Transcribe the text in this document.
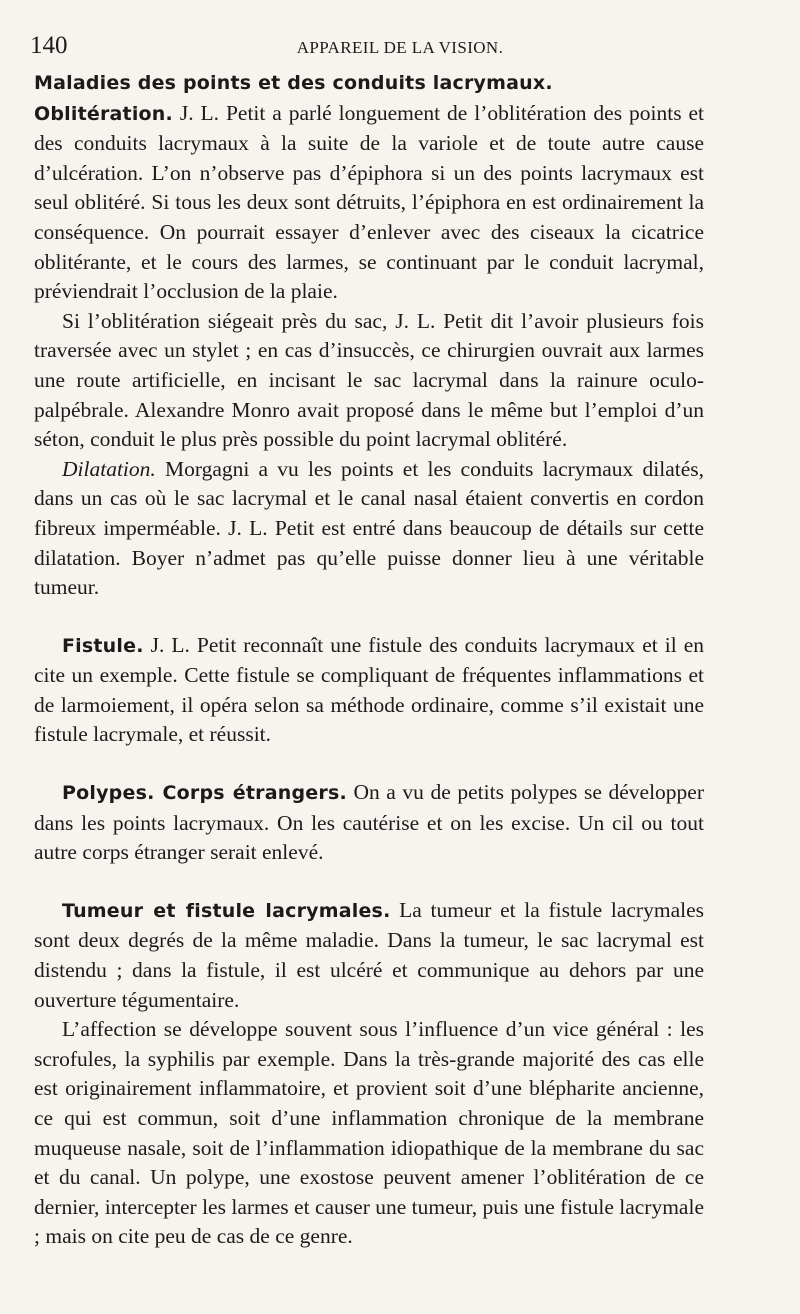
140	APPAREIL DE LA VISION.

Maladies des points et des conduits lacrymaux.
Oblitération. J. L. Petit a parlé longuement de l’oblitération des points et des conduits lacrymaux à la suite de la variole et de toute autre cause d’ulcération. L’on n’observe pas d’épiphora si un des points lacrymaux est seul oblitéré. Si tous les deux sont détruits, l’épiphora en est ordinairement la conséquence. On pourrait essayer d’enlever avec des ciseaux la cicatrice oblitérante, et le cours des larmes, se continuant par le conduit lacrymal, préviendrait l’occlusion de la plaie.

Si l’oblitération siégeait près du sac, J. L. Petit dit l’avoir plusieurs fois traversée avec un stylet ; en cas d’insuccès, ce chirurgien ouvrait aux larmes une route artificielle, en incisant le sac lacrymal dans la rainure oculo-palpébrale. Alexandre Monro avait proposé dans le même but l’emploi d’un séton, conduit le plus près possible du point lacrymal oblitéré.

Dilatation. Morgagni a vu les points et les conduits lacrymaux dilatés, dans un cas où le sac lacrymal et le canal nasal étaient convertis en cordon fibreux imperméable. J. L. Petit est entré dans beaucoup de détails sur cette dilatation. Boyer n’admet pas qu’elle puisse donner lieu à une véritable tumeur.

Fistule. J. L. Petit reconnaît une fistule des conduits lacrymaux et il en cite un exemple. Cette fistule se compliquant de fréquentes inflammations et de larmoiement, il opéra selon sa méthode ordinaire, comme s’il existait une fistule lacrymale, et réussit.

Polypes. Corps étrangers. On a vu de petits polypes se développer dans les points lacrymaux. On les cautérise et on les excise. Un cil ou tout autre corps étranger serait enlevé.

Tumeur et fistule lacrymales. La tumeur et la fistule lacrymales sont deux degrés de la même maladie. Dans la tumeur, le sac lacrymal est distendu ; dans la fistule, il est ulcéré et communique au dehors par une ouverture tégumentaire.

L’affection se développe souvent sous l’influence d’un vice général : les scrofules, la syphilis par exemple. Dans la très-grande majorité des cas elle est originairement inflammatoire, et provient soit d’une blépharite ancienne, ce qui est commun, soit d’une inflammation chronique de la membrane muqueuse nasale, soit de l’inflammation idiopathique de la membrane du sac et du canal. Un polype, une exostose peuvent amener l’oblitération de ce dernier, intercepter les larmes et causer une tumeur, puis une fistule lacrymale ; mais on cite peu de cas de ce genre.
